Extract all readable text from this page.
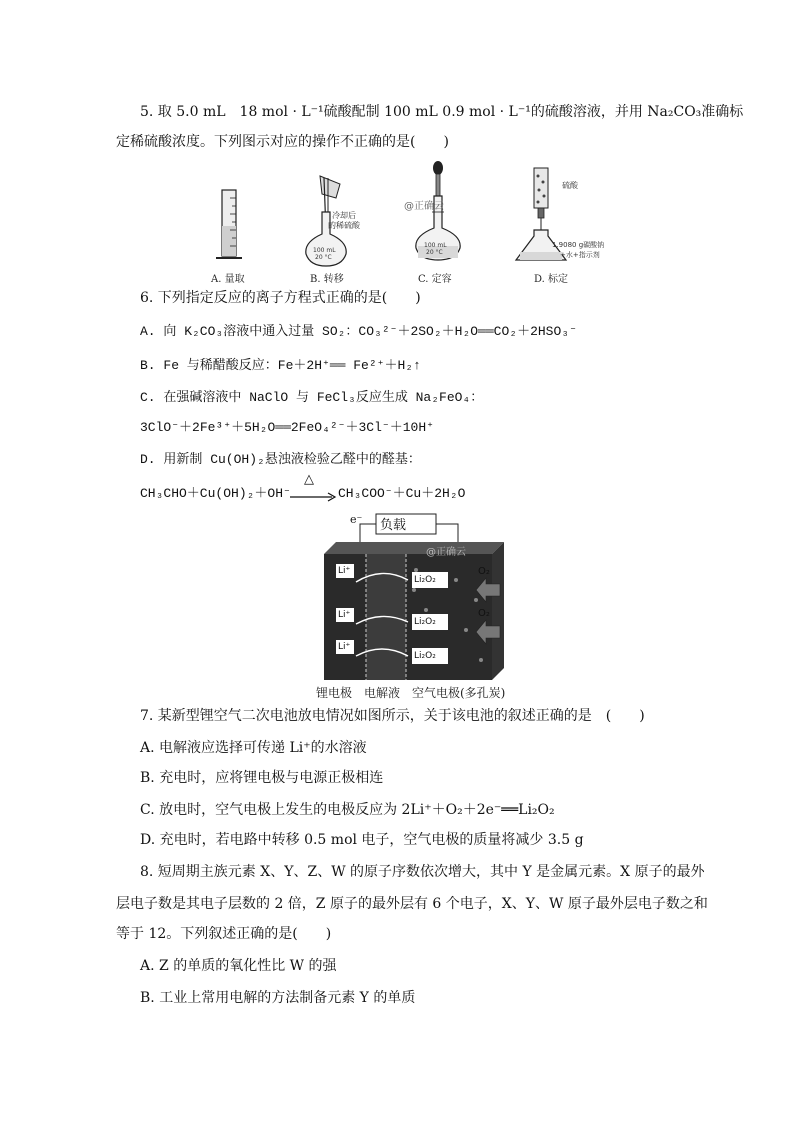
5. 取 5.0 mL　18 mol · L⁻¹硫酸配制 100 mL 0.9 mol · L⁻¹的硫酸溶液，并用 Na₂CO₃准确标
定稀硫酸浓度。下列图示对应的操作不正确的是(　　)
冷却后
的稀硫酸
100 mL
20 °C
@正确云
100 mL
20 °C
硫酸
1.9080 g碳酸钠
+水+指示剂
A. 量取	B. 转移	C. 定容	D. 标定
6. 下列指定反应的离子方程式正确的是(　　)
A. 向 K₂CO₃溶液中通入过量 SO₂：CO₃²⁻＋2SO₂＋H₂O══CO₂＋2HSO₃⁻
B. Fe 与稀醋酸反应：Fe＋2H⁺══ Fe²⁺＋H₂↑
C. 在强碱溶液中 NaClO 与 FeCl₃反应生成 Na₂FeO₄：
3ClO⁻＋2Fe³⁺＋5H₂O══2FeO₄²⁻＋3Cl⁻＋10H⁺
D. 用新制 Cu(OH)₂悬浊液检验乙醛中的醛基：
CH₃CHO＋Cu(OH)₂＋OH⁻
△
→ CH₃COO⁻＋Cu＋2H₂O
e⁻ 负载
@正确云
Li⁺
Li⁺
Li⁺
Li₂O₂
Li₂O₂
Li₂O₂
O₂
O₂
锂电极 电解液 空气电极(多孔炭)
7. 某新型锂空气二次电池放电情况如图所示，关于该电池的叙述正确的是　(　　)
A. 电解液应选择可传递 Li⁺的水溶液
B. 充电时，应将锂电极与电源正极相连
C. 放电时，空气电极上发生的电极反应为 2Li⁺＋O₂＋2e⁻══Li₂O₂
D. 充电时，若电路中转移 0.5 mol 电子，空气电极的质量将减少 3.5 g
8. 短周期主族元素 X、Y、Z、W 的原子序数依次增大，其中 Y 是金属元素。X 原子的最外
层电子数是其电子层数的 2 倍，Z 原子的最外层有 6 个电子，X、Y、W 原子最外层电子数之和
等于 12。下列叙述正确的是(　　)
A. Z 的单质的氧化性比 W 的强
B. 工业上常用电解的方法制备元素 Y 的单质
